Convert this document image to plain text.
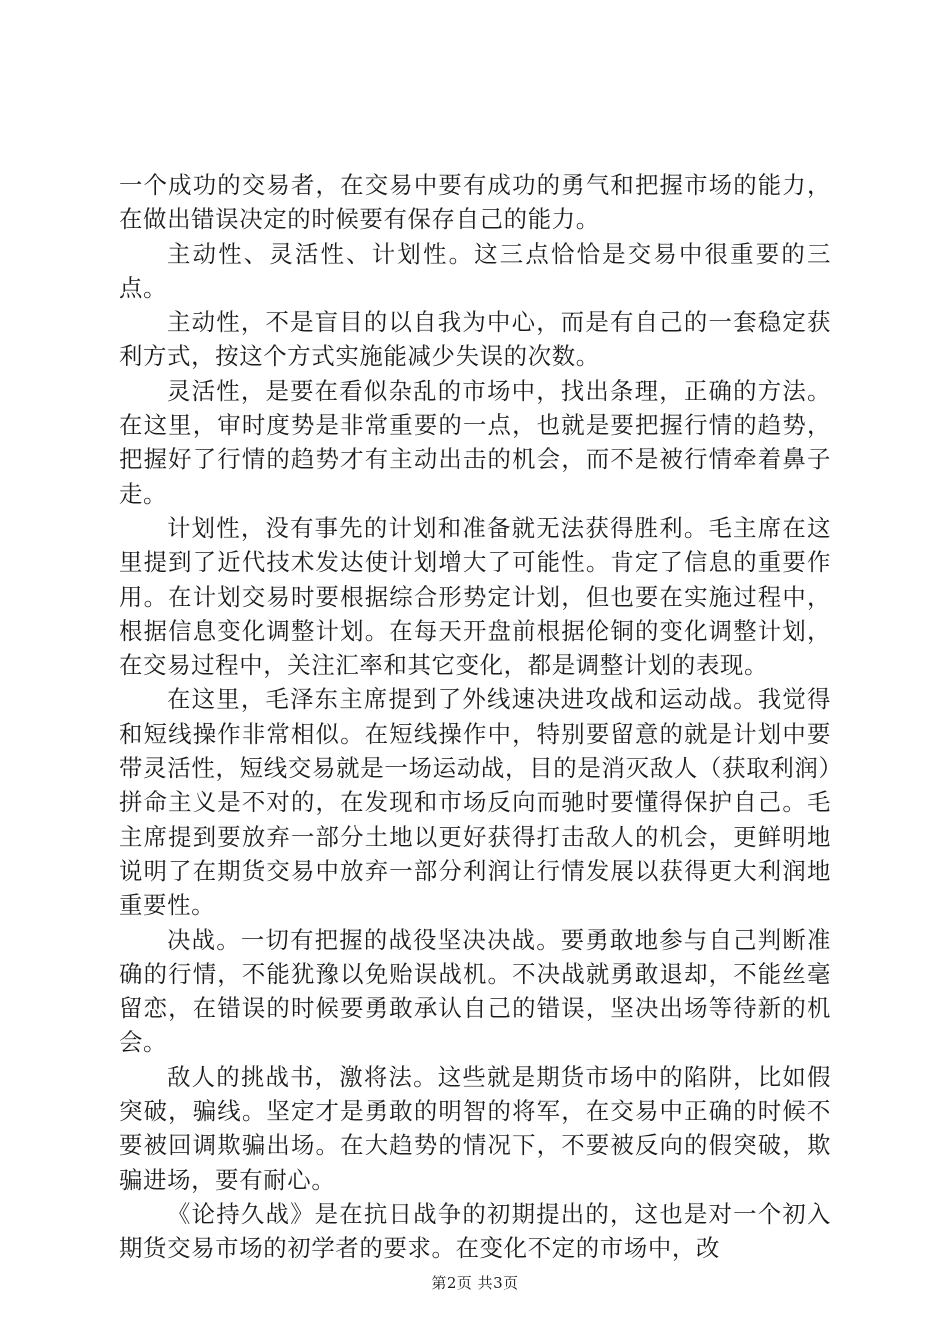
一个成功的交易者，在交易中要有成功的勇气和把握市场的能力，在做出错误决定的时候要有保存自己的能力。

主动性、灵活性、计划性。这三点恰恰是交易中很重要的三点。

主动性，不是盲目的以自我为中心，而是有自己的一套稳定获利方式，按这个方式实施能减少失误的次数。

灵活性，是要在看似杂乱的市场中，找出条理，正确的方法。在这里，审时度势是非常重要的一点，也就是要把握行情的趋势，把握好了行情的趋势才有主动出击的机会，而不是被行情牵着鼻子走。

计划性，没有事先的计划和准备就无法获得胜利。毛主席在这里提到了近代技术发达使计划增大了可能性。肯定了信息的重要作用。在计划交易时要根据综合形势定计划，但也要在实施过程中，根据信息变化调整计划。在每天开盘前根据伦铜的变化调整计划，在交易过程中，关注汇率和其它变化，都是调整计划的表现。

在这里，毛泽东主席提到了外线速决进攻战和运动战。我觉得和短线操作非常相似。在短线操作中，特别要留意的就是计划中要带灵活性，短线交易就是一场运动战，目的是消灭敌人（获取利润）拼命主义是不对的，在发现和市场反向而驰时要懂得保护自己。毛主席提到要放弃一部分土地以更好获得打击敌人的机会，更鲜明地说明了在期货交易中放弃一部分利润让行情发展以获得更大利润地重要性。

决战。一切有把握的战役坚决决战。要勇敢地参与自己判断准确的行情，不能犹豫以免贻误战机。不决战就勇敢退却，不能丝毫留恋，在错误的时候要勇敢承认自己的错误，坚决出场等待新的机会。

敌人的挑战书，激将法。这些就是期货市场中的陷阱，比如假突破，骗线。坚定才是勇敢的明智的将军，在交易中正确的时候不要被回调欺骗出场。在大趋势的情况下，不要被反向的假突破，欺骗进场，要有耐心。

《论持久战》是在抗日战争的初期提出的，这也是对一个初入期货交易市场的初学者的要求。在变化不定的市场中，改

第2页 共3页
